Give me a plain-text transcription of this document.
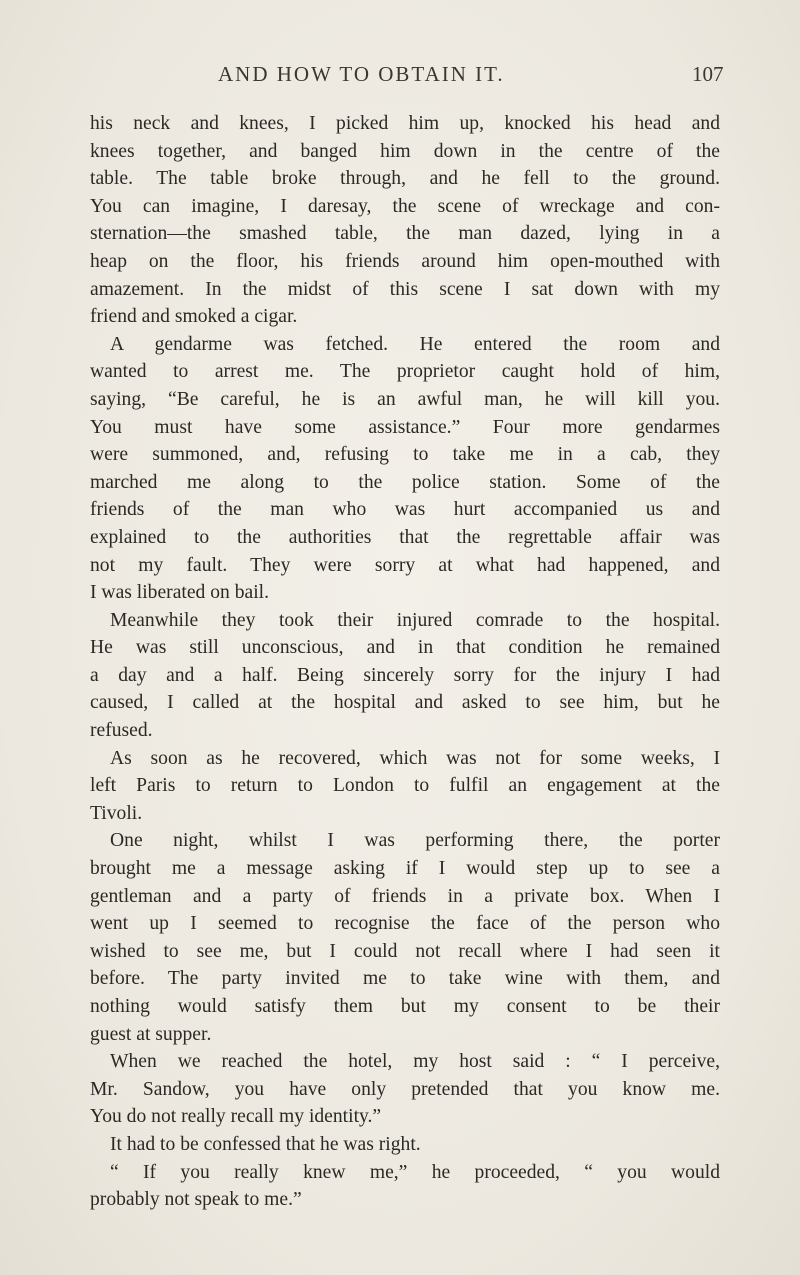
AND HOW TO OBTAIN IT.	107
his neck and knees, I picked him up, knocked his head and
knees together, and banged him down in the centre of the
table. The table broke through, and he fell to the ground.
You can imagine, I daresay, the scene of wreckage and con-
sternation—the smashed table, the man dazed, lying in a
heap on the floor, his friends around him open-mouthed with
amazement. In the midst of this scene I sat down with my
friend and smoked a cigar.
A gendarme was fetched. He entered the room and
wanted to arrest me. The proprietor caught hold of him,
saying, “Be careful, he is an awful man, he will kill you.
You must have some assistance.” Four more gendarmes
were summoned, and, refusing to take me in a cab, they
marched me along to the police station. Some of the
friends of the man who was hurt accompanied us and
explained to the authorities that the regrettable affair was
not my fault. They were sorry at what had happened, and
I was liberated on bail.
Meanwhile they took their injured comrade to the hospital.
He was still unconscious, and in that condition he remained
a day and a half. Being sincerely sorry for the injury I had
caused, I called at the hospital and asked to see him, but he
refused.
As soon as he recovered, which was not for some weeks, I
left Paris to return to London to fulfil an engagement at the
Tivoli.
One night, whilst I was performing there, the porter
brought me a message asking if I would step up to see a
gentleman and a party of friends in a private box. When I
went up I seemed to recognise the face of the person who
wished to see me, but I could not recall where I had seen it
before. The party invited me to take wine with them, and
nothing would satisfy them but my consent to be their
guest at supper.
When we reached the hotel, my host said : “ I perceive,
Mr. Sandow, you have only pretended that you know me.
You do not really recall my identity.”
It had to be confessed that he was right.
“ If you really knew me,” he proceeded, “ you would
probably not speak to me.”
